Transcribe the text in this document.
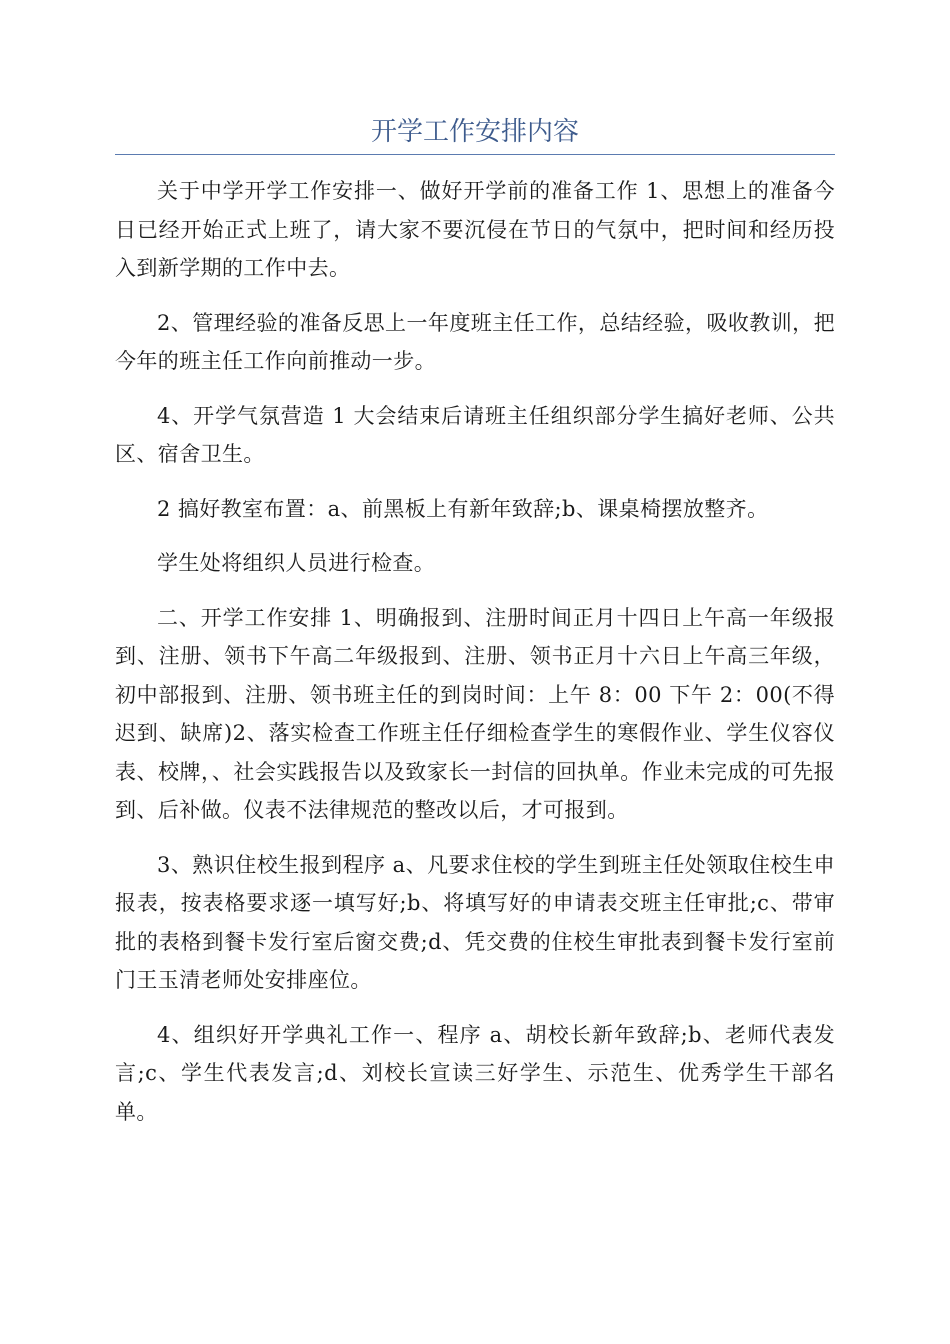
开学工作安排内容

关于中学开学工作安排一、做好开学前的准备工作 1、思想上的准备今日已经开始正式上班了，请大家不要沉侵在节日的气氛中，把时间和经历投入到新学期的工作中去。

2、管理经验的准备反思上一年度班主任工作，总结经验，吸收教训，把今年的班主任工作向前推动一步。

4、开学气氛营造 1 大会结束后请班主任组织部分学生搞好老师、公共区、宿舍卫生。

2 搞好教室布置：a、前黑板上有新年致辞;b、课桌椅摆放整齐。

学生处将组织人员进行检查。

二、开学工作安排 1、明确报到、注册时间正月十四日上午高一年级报到、注册、领书下午高二年级报到、注册、领书正月十六日上午高三年级，初中部报到、注册、领书班主任的到岗时间：上午 8：00 下午 2：00(不得迟到、缺席)2、落实检查工作班主任仔细检查学生的寒假作业、学生仪容仪表、校牌，、社会实践报告以及致家长一封信的回执单。作业未完成的可先报到、后补做。仪表不法律规范的整改以后，才可报到。

3、熟识住校生报到程序 a、凡要求住校的学生到班主任处领取住校生申报表，按表格要求逐一填写好;b、将填写好的申请表交班主任审批;c、带审批的表格到餐卡发行室后窗交费;d、凭交费的住校生审批表到餐卡发行室前门王玉清老师处安排座位。

4、组织好开学典礼工作一、程序 a、胡校长新年致辞;b、老师代表发言;c、学生代表发言;d、刘校长宣读三好学生、示范生、优秀学生干部名单。
